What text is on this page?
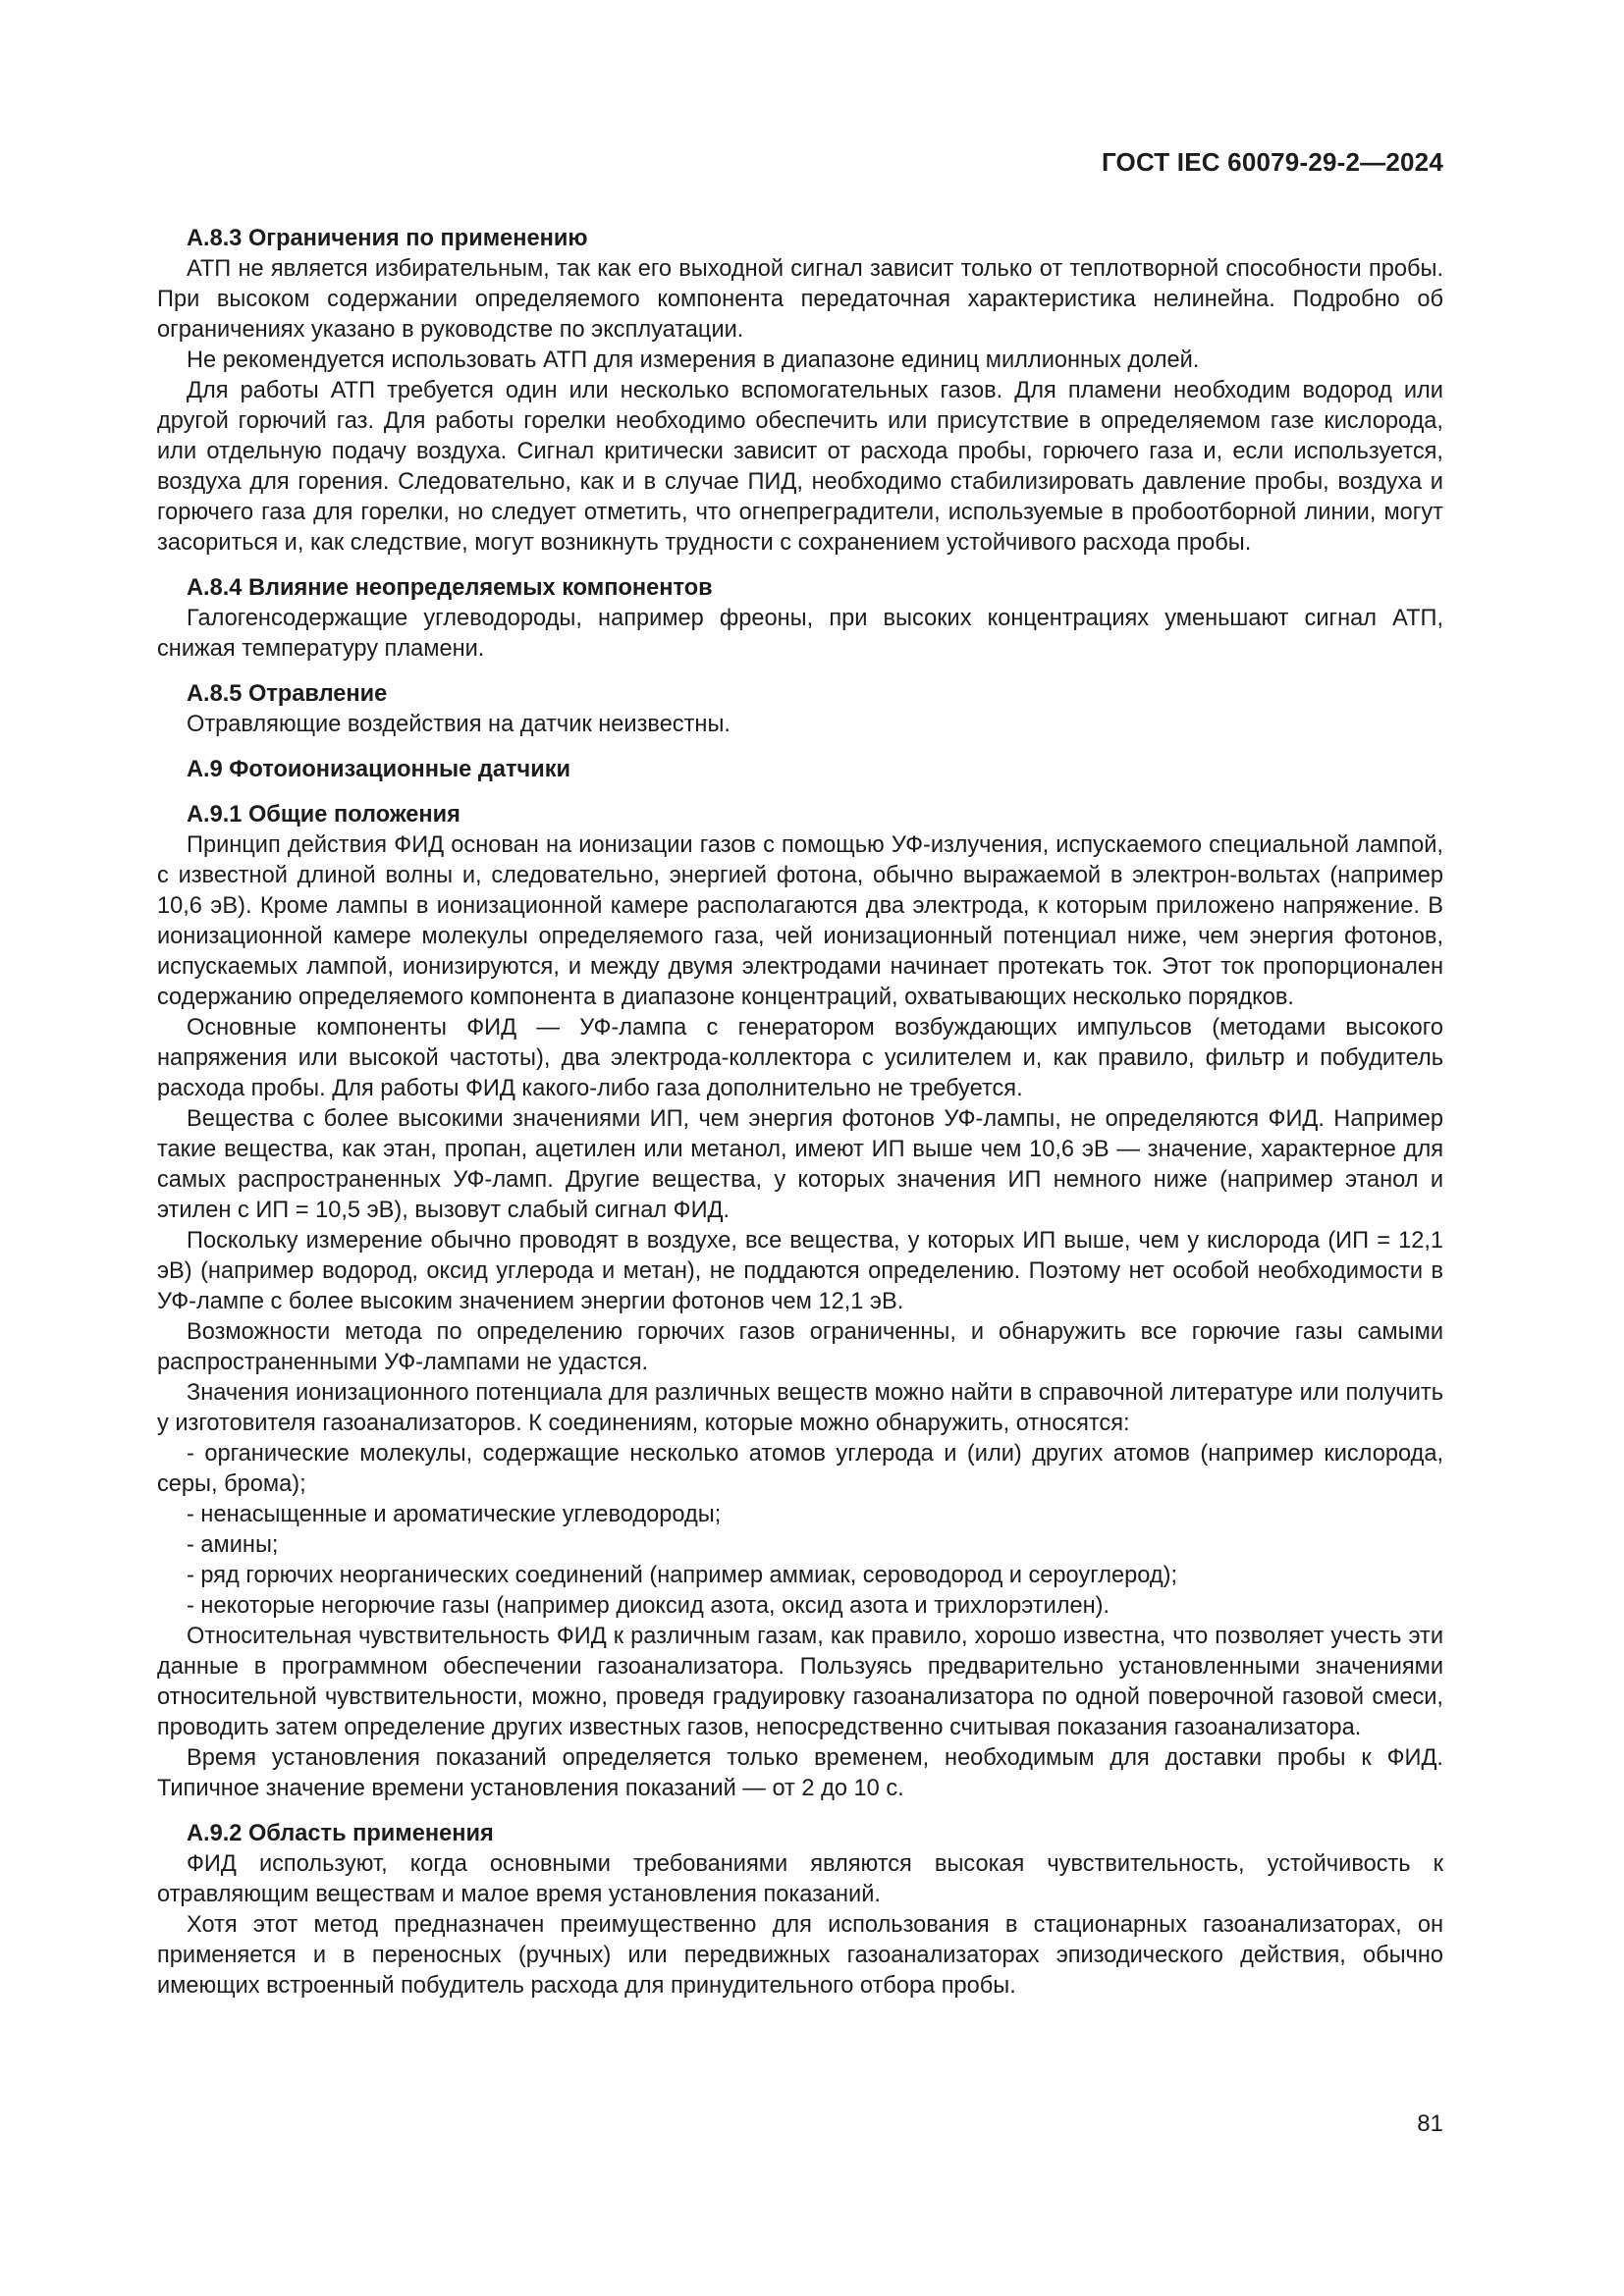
ГОСТ IEC 60079-29-2—2024

А.8.3 Ограничения по применению

АТП не является избирательным, так как его выходной сигнал зависит только от теплотворной способности пробы. При высоком содержании определяемого компонента передаточная характеристика нелинейна. Подробно об ограничениях указано в руководстве по эксплуатации.

Не рекомендуется использовать АТП для измерения в диапазоне единиц миллионных долей.

Для работы АТП требуется один или несколько вспомогательных газов. Для пламени необходим водород или другой горючий газ. Для работы горелки необходимо обеспечить или присутствие в определяемом газе кислорода, или отдельную подачу воздуха. Сигнал критически зависит от расхода пробы, горючего газа и, если используется, воздуха для горения. Следовательно, как и в случае ПИД, необходимо стабилизировать давление пробы, воздуха и горючего газа для горелки, но следует отметить, что огнепреградители, используемые в пробоотборной линии, могут засориться и, как следствие, могут возникнуть трудности с сохранением устойчивого расхода пробы.

А.8.4 Влияние неопределяемых компонентов

Галогенсодержащие углеводороды, например фреоны, при высоких концентрациях уменьшают сигнал АТП, снижая температуру пламени.

А.8.5 Отравление

Отравляющие воздействия на датчик неизвестны.

А.9 Фотоионизационные датчики

А.9.1 Общие положения

Принцип действия ФИД основан на ионизации газов с помощью УФ-излучения, испускаемого специальной лампой, с известной длиной волны и, следовательно, энергией фотона, обычно выражаемой в электрон-вольтах (например 10,6 эВ). Кроме лампы в ионизационной камере располагаются два электрода, к которым приложено напряжение. В ионизационной камере молекулы определяемого газа, чей ионизационный потенциал ниже, чем энергия фотонов, испускаемых лампой, ионизируются, и между двумя электродами начинает протекать ток. Этот ток пропорционален содержанию определяемого компонента в диапазоне концентраций, охватывающих несколько порядков.

Основные компоненты ФИД — УФ-лампа с генератором возбуждающих импульсов (методами высокого напряжения или высокой частоты), два электрода-коллектора с усилителем и, как правило, фильтр и побудитель расхода пробы. Для работы ФИД какого-либо газа дополнительно не требуется.

Вещества с более высокими значениями ИП, чем энергия фотонов УФ-лампы, не определяются ФИД. Например такие вещества, как этан, пропан, ацетилен или метанол, имеют ИП выше чем 10,6 эВ — значение, характерное для самых распространенных УФ-ламп. Другие вещества, у которых значения ИП немного ниже (например этанол и этилен с ИП = 10,5 эВ), вызовут слабый сигнал ФИД.

Поскольку измерение обычно проводят в воздухе, все вещества, у которых ИП выше, чем у кислорода (ИП = 12,1 эВ) (например водород, оксид углерода и метан), не поддаются определению. Поэтому нет особой необходимости в УФ-лампе с более высоким значением энергии фотонов чем 12,1 эВ.

Возможности метода по определению горючих газов ограниченны, и обнаружить все горючие газы самыми распространенными УФ-лампами не удастся.

Значения ионизационного потенциала для различных веществ можно найти в справочной литературе или получить у изготовителя газоанализаторов. К соединениям, которые можно обнаружить, относятся:

- органические молекулы, содержащие несколько атомов углерода и (или) других атомов (например кислорода, серы, брома);

- ненасыщенные и ароматические углеводороды;

- амины;

- ряд горючих неорганических соединений (например аммиак, сероводород и сероуглерод);

- некоторые негорючие газы (например диоксид азота, оксид азота и трихлорэтилен).

Относительная чувствительность ФИД к различным газам, как правило, хорошо известна, что позволяет учесть эти данные в программном обеспечении газоанализатора. Пользуясь предварительно установленными значениями относительной чувствительности, можно, проведя градуировку газоанализатора по одной поверочной газовой смеси, проводить затем определение других известных газов, непосредственно считывая показания газоанализатора.

Время установления показаний определяется только временем, необходимым для доставки пробы к ФИД. Типичное значение времени установления показаний — от 2 до 10 с.

А.9.2 Область применения

ФИД используют, когда основными требованиями являются высокая чувствительность, устойчивость к отравляющим веществам и малое время установления показаний.

Хотя этот метод предназначен преимущественно для использования в стационарных газоанализаторах, он применяется и в переносных (ручных) или передвижных газоанализаторах эпизодического действия, обычно имеющих встроенный побудитель расхода для принудительного отбора пробы.

81
